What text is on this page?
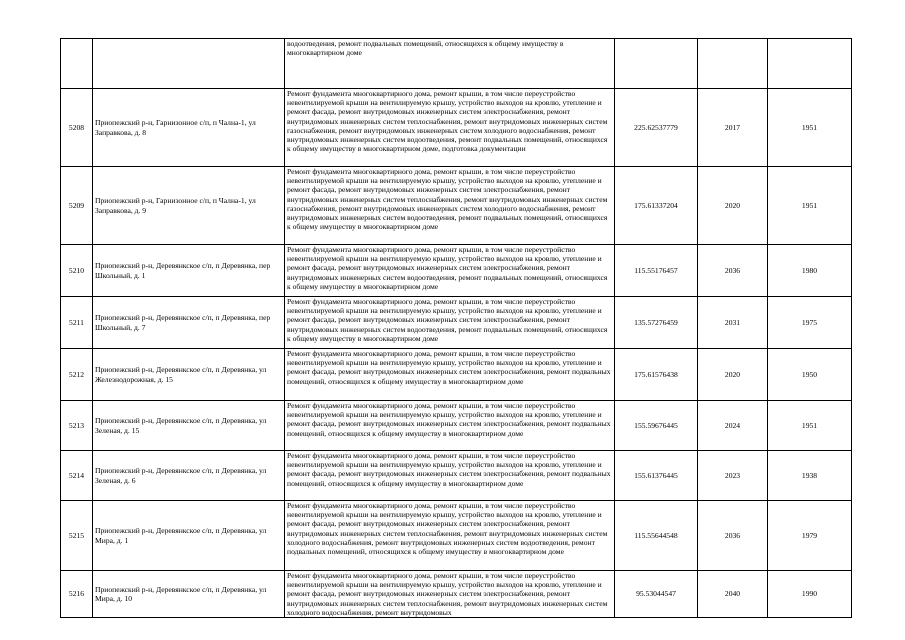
		водоотведения, ремонт подвальных помещений, относящихся к общему имуществу в многоквартирном доме			
5208	Приопежский р-н, Гарнизонное с/п, п Чална-1, ул Заправкова, д. 8	Ремонт фундамента многоквартирного дома, ремонт крыши, в том числе переустройство невентилируемой крыши на вентилируемую крышу, устройство выходов на кровлю, утепление и ремонт фасада, ремонт внутридомовых инженерных систем электроснабжения, ремонт внутридомовых инженерных систем теплоснабжения, ремонт внутридомовых инженерных систем газоснабжения, ремонт внутридомовых инженерных систем холодного водоснабжения, ремонт внутридомовых инженерных систем водоотведения, ремонт подвальных помещений, относящихся к общему имуществу в многоквартирном доме, подготовка документации	225.62537779	2017	1951
5209	Приопежский р-н, Гарнизонное с/п, п Чална-1, ул Заправкова, д. 9	Ремонт фундамента многоквартирного дома, ремонт крыши, в том числе переустройство невентилируемой крыши на вентилируемую крышу, устройство выходов на кровлю, утепление и ремонт фасада, ремонт внутридомовых инженерных систем электроснабжения, ремонт внутридомовых инженерных систем теплоснабжения, ремонт внутридомовых инженерных систем газоснабжения, ремонт внутридомовых инженерных систем холодного водоснабжения, ремонт внутридомовых инженерных систем водоотведения, ремонт подвальных помещений, относящихся к общему имуществу в многоквартирном доме	175.61337204	2020	1951
5210	Приопежский р-н, Деревянкское с/п, п Деревянка, пер Школьный, д. 1	Ремонт фундамента многоквартирного дома, ремонт крыши, в том числе переустройство невентилируемой крыши на вентилируемую крышу, устройство выходов на кровлю, утепление и ремонт фасада, ремонт внутридомовых инженерных систем электроснабжения, ремонт внутридомовых инженерных систем водоотведения, ремонт подвальных помещений, относящихся к общему имуществу в многоквартирном доме	115.55176457	2036	1980
5211	Приопежский р-н, Деревянкское с/п, п Деревянка, пер Школьный, д. 7	Ремонт фундамента многоквартирного дома, ремонт крыши, в том числе переустройство невентилируемой крыши на вентилируемую крышу, устройство выходов на кровлю, утепление и ремонт фасада, ремонт внутридомовых инженерных систем электроснабжения, ремонт внутридомовых инженерных систем водоотведения, ремонт подвальных помещений, относящихся к общему имуществу в многоквартирном доме	135.57276459	2031	1975
5212	Приопежский р-н, Деревянкское с/п, п Деревянка, ул Железнодорожная, д. 15	Ремонт фундамента многоквартирного дома, ремонт крыши, в том числе переустройство невентилируемой крыши на вентилируемую крышу, устройство выходов на кровлю, утепление и ремонт фасада, ремонт внутридомовых инженерных систем электроснабжения, ремонт подвальных помещений, относящихся к общему имуществу в многоквартирном доме	175.61576438	2020	1950
5213	Приопежский р-н, Деревянкское с/п, п Деревянка, ул Зеленая, д. 15	Ремонт фундамента многоквартирного дома, ремонт крыши, в том числе переустройство невентилируемой крыши на вентилируемую крышу, устройство выходов на кровлю, утепление и ремонт фасада, ремонт внутридомовых инженерных систем электроснабжения, ремонт подвальных помещений, относящихся к общему имуществу в многоквартирном доме	155.59676445	2024	1951
5214	Приопежский р-н, Деревянкское с/п, п Деревянка, ул Зеленая, д. 6	Ремонт фундамента многоквартирного дома, ремонт крыши, в том числе переустройство невентилируемой крыши на вентилируемую крышу, устройство выходов на кровлю, утепление и ремонт фасада, ремонт внутридомовых инженерных систем электроснабжения, ремонт подвальных помещений, относящихся к общему имуществу в многоквартирном доме	155.61376445	2023	1938
5215	Приопежский р-н, Деревянкское с/п, п Деревянка, ул Мира, д. 1	Ремонт фундамента многоквартирного дома, ремонт крыши, в том числе переустройство невентилируемой крыши на вентилируемую крышу, устройство выходов на кровлю, утепление и ремонт фасада, ремонт внутридомовых инженерных систем электроснабжения, ремонт внутридомовых инженерных систем теплоснабжения, ремонт внутридомовых инженерных систем холодного водоснабжения, ремонт внутридомовых инженерных систем водоотведения, ремонт подвальных помещений, относящихся к общему имуществу в многоквартирном доме	115.55644548	2036	1979
5216	Приопежский р-н, Деревянкское с/п, п Деревянка, ул Мира, д. 10	Ремонт фундамента многоквартирного дома, ремонт крыши, в том числе переустройство невентилируемой крыши на вентилируемую крышу, устройство выходов на кровлю, утепление и ремонт фасада, ремонт внутридомовых инженерных систем электроснабжения, ремонт внутридомовых инженерных систем теплоснабжения, ремонт внутридомовых инженерных систем холодного водоснабжения, ремонт внутридомовых	95.53044547	2040	1990
